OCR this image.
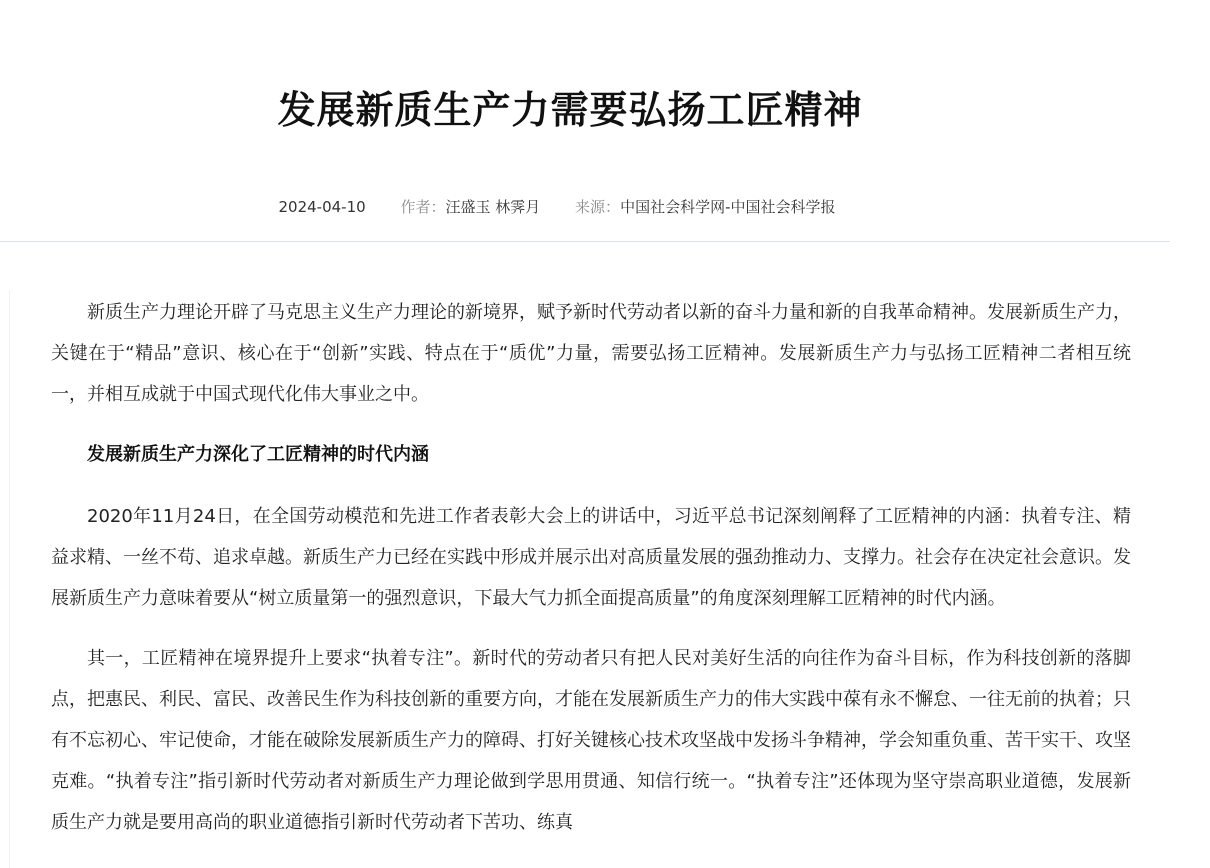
发展新质生产力需要弘扬工匠精神
2024-04-10 作者：汪盛玉 林霁月 来源：中国社会科学网-中国社会科学报

新质生产力理论开辟了马克思主义生产力理论的新境界，赋予新时代劳动者以新的奋斗力量和新的自我革命精神。发展新质生产力，关键在于“精品”意识、核心在于“创新”实践、特点在于“质优”力量，需要弘扬工匠精神。发展新质生产力与弘扬工匠精神二者相互统一，并相互成就于中国式现代化伟大事业之中。

发展新质生产力深化了工匠精神的时代内涵

2020年11月24日，在全国劳动模范和先进工作者表彰大会上的讲话中，习近平总书记深刻阐释了工匠精神的内涵：执着专注、精益求精、一丝不苟、追求卓越。新质生产力已经在实践中形成并展示出对高质量发展的强劲推动力、支撑力。社会存在决定社会意识。发展新质生产力意味着要从“树立质量第一的强烈意识，下最大气力抓全面提高质量”的角度深刻理解工匠精神的时代内涵。

其一，工匠精神在境界提升上要求“执着专注”。新时代的劳动者只有把人民对美好生活的向往作为奋斗目标，作为科技创新的落脚点，把惠民、利民、富民、改善民生作为科技创新的重要方向，才能在发展新质生产力的伟大实践中葆有永不懈怠、一往无前的执着；只有不忘初心、牢记使命，才能在破除发展新质生产力的障碍、打好关键核心技术攻坚战中发扬斗争精神，学会知重负重、苦干实干、攻坚克难。“执着专注”指引新时代劳动者对新质生产力理论做到学思用贯通、知信行统一。“执着专注”还体现为坚守崇高职业道德，发展新质生产力就是要用高尚的职业道德指引新时代劳动者下苦功、练真
